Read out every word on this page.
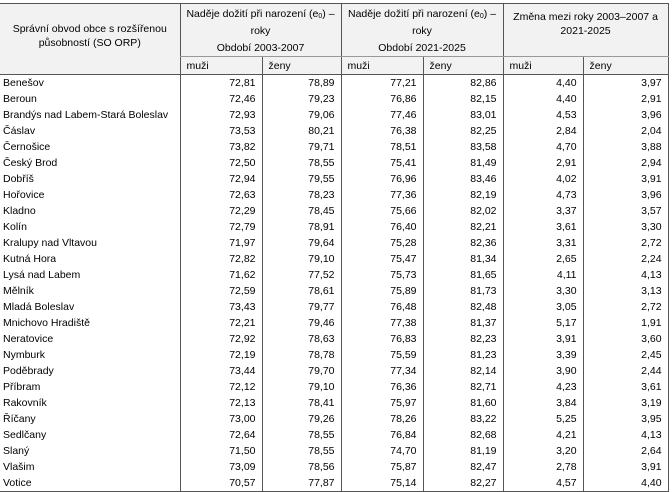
Správní obvod obce s rozšířenou působností (SO ORP)	Naděje dožití při narození $(e_0)$ – roky		Naděje dožití při narození $(e_0)$ – roky		Změna mezi roky 2003–2007 a 2021-2025	
	Období 2003-2007		Období 2021-2025			
	muži	ženy	muži	ženy	muži	ženy
Benešov	72,81	78,89	77,21	82,86	4,40	3,97
Beroun	72,46	79,23	76,86	82,15	4,40	2,91
Brandýs nad Labem-Stará Boleslav	72,93	79,06	77,46	83,01	4,53	3,96
Čáslav	73,53	80,21	76,38	82,25	2,84	2,04
Černošice	73,82	79,71	78,51	83,58	4,70	3,88
Český Brod	72,50	78,55	75,41	81,49	2,91	2,94
Dobříš	72,94	79,55	76,96	83,46	4,02	3,91
Hořovice	72,63	78,23	77,36	82,19	4,73	3,96
Kladno	72,29	78,45	75,66	82,02	3,37	3,57
Kolín	72,79	78,91	76,40	82,21	3,61	3,30
Kralupy nad Vltavou	71,97	79,64	75,28	82,36	3,31	2,72
Kutná Hora	72,82	79,10	75,47	81,34	2,65	2,24
Lysá nad Labem	71,62	77,52	75,73	81,65	4,11	4,13
Mělník	72,59	78,61	75,89	81,73	3,30	3,13
Mladá Boleslav	73,43	79,77	76,48	82,48	3,05	2,72
Mnichovo Hradiště	72,21	79,46	77,38	81,37	5,17	1,91
Neratovice	72,92	78,63	76,83	82,23	3,91	3,60
Nymburk	72,19	78,78	75,59	81,23	3,39	2,45
Poděbrady	73,44	79,70	77,34	82,14	3,90	2,44
Příbram	72,12	79,10	76,36	82,71	4,23	3,61
Rakovník	72,13	78,41	75,97	81,60	3,84	3,19
Říčany	73,00	79,26	78,26	83,22	5,25	3,95
Sedlčany	72,64	78,55	76,84	82,68	4,21	4,13
Slaný	71,50	78,55	74,70	81,19	3,20	2,64
Vlašim	73,09	78,56	75,87	82,47	2,78	3,91
Votice	70,57	77,87	75,14	82,27	4,57	4,40
